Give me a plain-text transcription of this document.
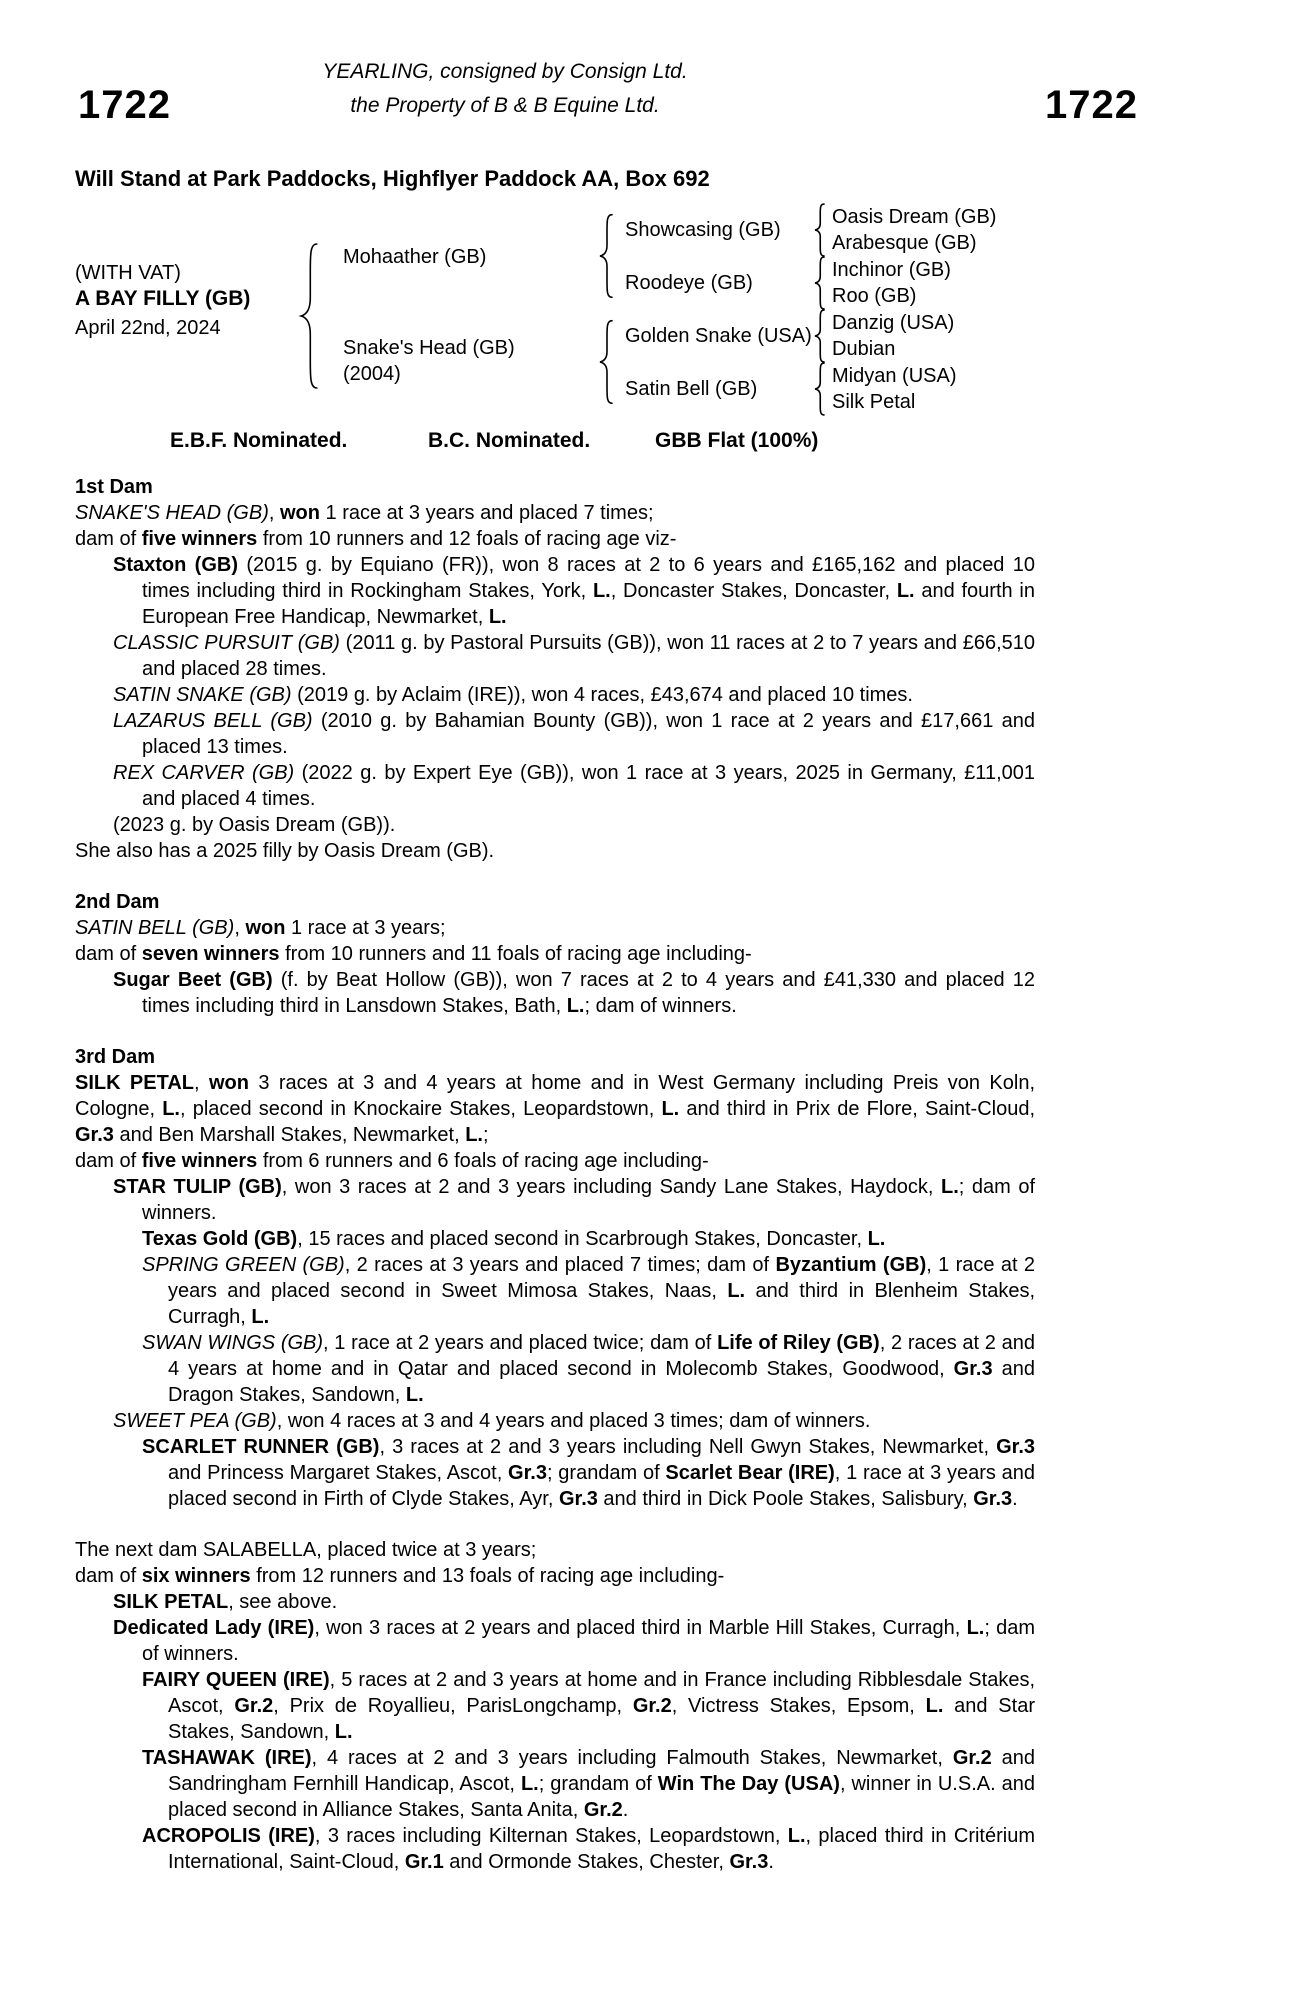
YEARLING, consigned by Consign Ltd.
the Property of B & B Equine Ltd.
1722	1722
Will Stand at Park Paddocks, Highflyer Paddock AA, Box 692
(WITH VAT)
A BAY FILLY (GB)
April 22nd, 2024
Mohaather (GB)
Snake's Head (GB)
(2004)
Showcasing (GB)
Roodeye (GB)
Golden Snake (USA)
Satin Bell (GB)
Oasis Dream (GB)
Arabesque (GB)
Inchinor (GB)
Roo (GB)
Danzig (USA)
Dubian
Midyan (USA)
Silk Petal
E.B.F. Nominated.	B.C. Nominated.	GBB Flat (100%)

1st Dam

SNAKE'S HEAD (GB), won 1 race at 3 years and placed 7 times;

dam of five winners from 10 runners and 12 foals of racing age viz-

Staxton (GB) (2015 g. by Equiano (FR)), won 8 races at 2 to 6 years and £165,162 and placed 10 times including third in Rockingham Stakes, York, L., Doncaster Stakes, Doncaster, L. and fourth in European Free Handicap, Newmarket, L.

CLASSIC PURSUIT (GB) (2011 g. by Pastoral Pursuits (GB)), won 11 races at 2 to 7 years and £66,510 and placed 28 times.

SATIN SNAKE (GB) (2019 g. by Aclaim (IRE)), won 4 races, £43,674 and placed 10 times.

LAZARUS BELL (GB) (2010 g. by Bahamian Bounty (GB)), won 1 race at 2 years and £17,661 and placed 13 times.

REX CARVER (GB) (2022 g. by Expert Eye (GB)), won 1 race at 3 years, 2025 in Germany, £11,001 and placed 4 times.

(2023 g. by Oasis Dream (GB)).

She also has a 2025 filly by Oasis Dream (GB).

2nd Dam

SATIN BELL (GB), won 1 race at 3 years;

dam of seven winners from 10 runners and 11 foals of racing age including-

Sugar Beet (GB) (f. by Beat Hollow (GB)), won 7 races at 2 to 4 years and £41,330 and placed 12 times including third in Lansdown Stakes, Bath, L.; dam of winners.

3rd Dam

SILK PETAL, won 3 races at 3 and 4 years at home and in West Germany including Preis von Koln, Cologne, L., placed second in Knockaire Stakes, Leopardstown, L. and third in Prix de Flore, Saint-Cloud, Gr.3 and Ben Marshall Stakes, Newmarket, L.;

dam of five winners from 6 runners and 6 foals of racing age including-

STAR TULIP (GB), won 3 races at 2 and 3 years including Sandy Lane Stakes, Haydock, L.; dam of winners.

Texas Gold (GB), 15 races and placed second in Scarbrough Stakes, Doncaster, L.

SPRING GREEN (GB), 2 races at 3 years and placed 7 times; dam of Byzantium (GB), 1 race at 2 years and placed second in Sweet Mimosa Stakes, Naas, L. and third in Blenheim Stakes, Curragh, L.

SWAN WINGS (GB), 1 race at 2 years and placed twice; dam of Life of Riley (GB), 2 races at 2 and 4 years at home and in Qatar and placed second in Molecomb Stakes, Goodwood, Gr.3 and Dragon Stakes, Sandown, L.

SWEET PEA (GB), won 4 races at 3 and 4 years and placed 3 times; dam of winners.

SCARLET RUNNER (GB), 3 races at 2 and 3 years including Nell Gwyn Stakes, Newmarket, Gr.3 and Princess Margaret Stakes, Ascot, Gr.3; grandam of Scarlet Bear (IRE), 1 race at 3 years and placed second in Firth of Clyde Stakes, Ayr, Gr.3 and third in Dick Poole Stakes, Salisbury, Gr.3.

The next dam SALABELLA, placed twice at 3 years;

dam of six winners from 12 runners and 13 foals of racing age including-

SILK PETAL, see above.

Dedicated Lady (IRE), won 3 races at 2 years and placed third in Marble Hill Stakes, Curragh, L.; dam of winners.

FAIRY QUEEN (IRE), 5 races at 2 and 3 years at home and in France including Ribblesdale Stakes, Ascot, Gr.2, Prix de Royallieu, ParisLongchamp, Gr.2, Victress Stakes, Epsom, L. and Star Stakes, Sandown, L.

TASHAWAK (IRE), 4 races at 2 and 3 years including Falmouth Stakes, Newmarket, Gr.2 and Sandringham Fernhill Handicap, Ascot, L.; grandam of Win The Day (USA), winner in U.S.A. and placed second in Alliance Stakes, Santa Anita, Gr.2.

ACROPOLIS (IRE), 3 races including Kilternan Stakes, Leopardstown, L., placed third in Critérium International, Saint-Cloud, Gr.1 and Ormonde Stakes, Chester, Gr.3.
